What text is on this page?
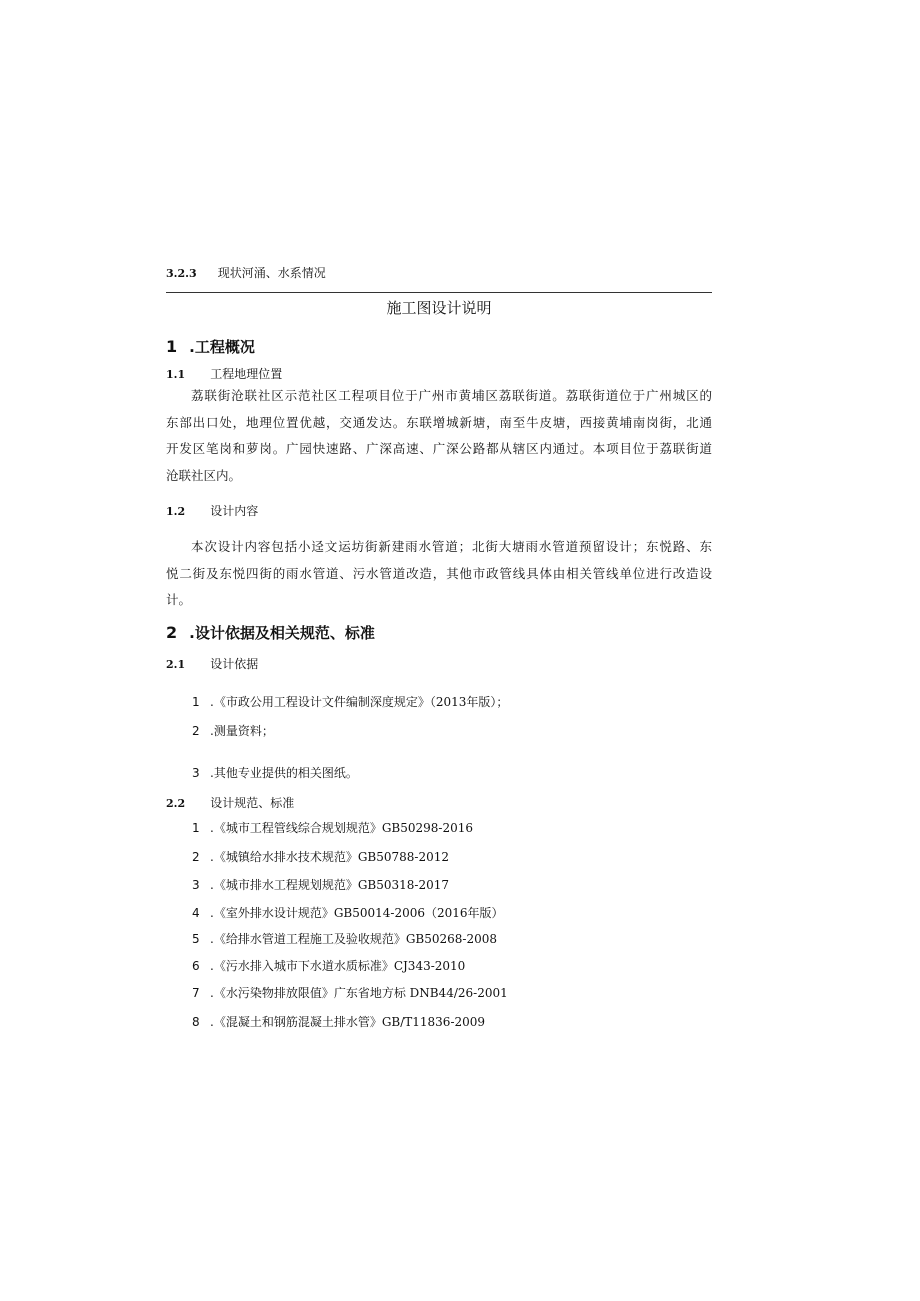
3.2.3 现状河涌、水系情况
施工图设计说明
1 .工程概况
1.1 工程地理位置
荔联街沧联社区示范社区工程项目位于广州市黄埔区荔联街道。荔联街道位于广州城区的
东部出口处，地理位置优越，交通发达。东联增城新塘，南至牛皮塘，西接黄埔南岗街，北通
开发区笔岗和萝岗。广园快速路、广深高速、广深公路都从辖区内通过。本项目位于荔联街道
沧联社区内。
1.2 设计内容
本次设计内容包括小迳文运坊街新建雨水管道；北街大塘雨水管道预留设计；东悦路、东
悦二街及东悦四街的雨水管道、污水管道改造，其他市政管线具体由相关管线单位进行改造设
计。
2 .设计依据及相关规范、标准
2.1 设计依据
1 .《市政公用工程设计文件编制深度规定》（2013年版）；
2 .测量资料；
3 .其他专业提供的相关图纸。
2.2 设计规范、标准
1 .《城市工程管线综合规划规范》GB50298-2016
2 .《城镇给水排水技术规范》GB50788-2012
3 .《城市排水工程规划规范》GB50318-2017
4 .《室外排水设计规范》GB50014-2006（2016年版）
5 .《给排水管道工程施工及验收规范》GB50268-2008
6 .《污水排入城市下水道水质标准》CJ343-2010
7 .《水污染物排放限值》广东省地方标 DNB44/26-2001
8 .《混凝土和钢筋混凝土排水管》GB/T11836-2009
